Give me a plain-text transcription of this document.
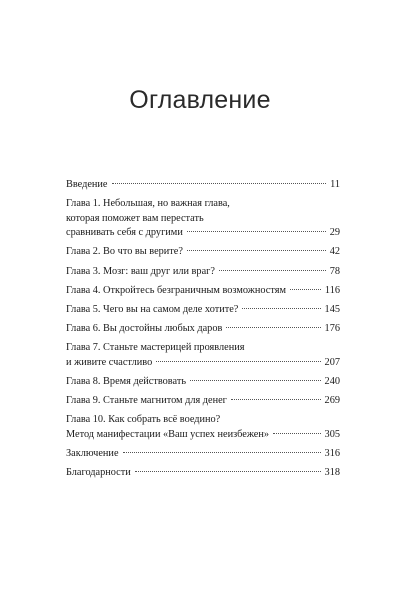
Оглавление
Введение	11
Глава 1. Небольшая, но важная глава,
которая поможет вам перестать
сравнивать себя с другими	29
Глава 2. Во что вы верите?	42
Глава 3. Мозг: ваш друг или враг?	78
Глава 4. Откройтесь безграничным возможностям	116
Глава 5. Чего вы на самом деле хотите?	145
Глава 6. Вы достойны любых даров	176
Глава 7. Станьте мастерицей проявления
и живите счастливо	207
Глава 8. Время действовать	240
Глава 9. Станьте магнитом для денег	269
Глава 10. Как собрать всё воедино?
Метод манифестации «Ваш успех неизбежен»	305
Заключение	316
Благодарности	318
